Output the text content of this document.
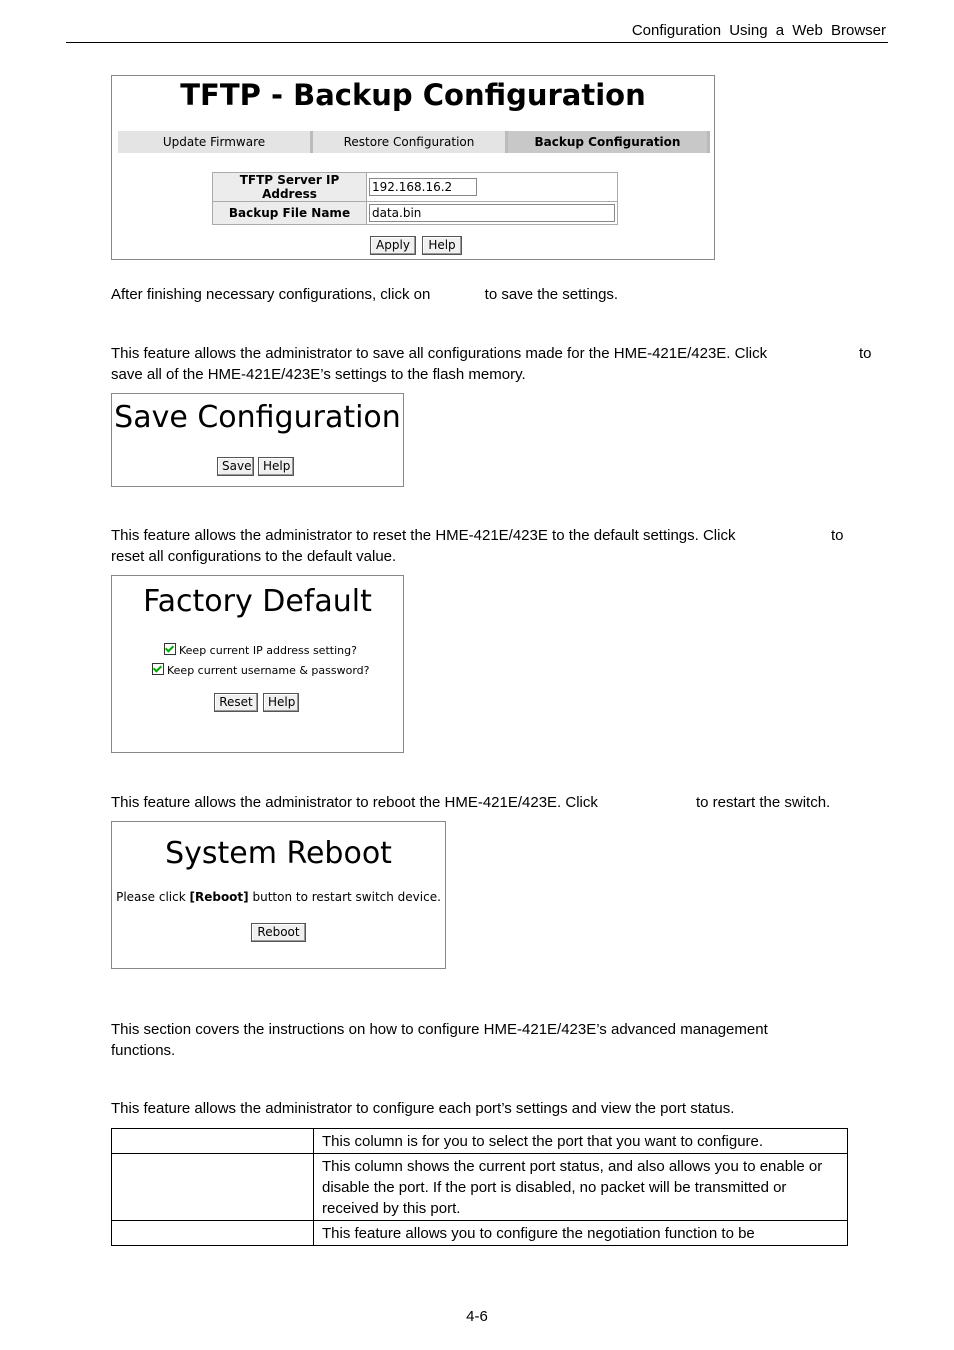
Configuration Using a Web Browser
TFTP - Backup Configuration
Update Firmware	Restore Configuration	Backup Configuration
TFTP Server IP Address	192.168.16.2

Backup File Name	data.bin
Apply	Help
After finishing necessary configurations, click on	to save the settings.
This feature allows the administrator to save all configurations made for the HME-421E/423E. Click	to
save all of the HME-421E/423E’s settings to the flash memory.
Save Configuration
Save Help
This feature allows the administrator to reset the HME-421E/423E to the default settings. Click	to
reset all configurations to the default value.
Factory Default
Keep current IP address setting?
Keep current username & password?
Reset	Help
This feature allows the administrator to reboot the HME-421E/423E. Click	to restart the switch.
System Reboot
Please click [Reboot] button to restart switch device.
Reboot
This section covers the instructions on how to configure HME-421E/423E’s advanced management
functions.
This feature allows the administrator to configure each port’s settings and view the port status.
	This column is for you to select the port that you want to configure.
	This column shows the current port status, and also allows you to enable or disable the port. If the port is disabled, no packet will be transmitted or received by this port.
	This feature allows you to configure the negotiation function to be
4-6
